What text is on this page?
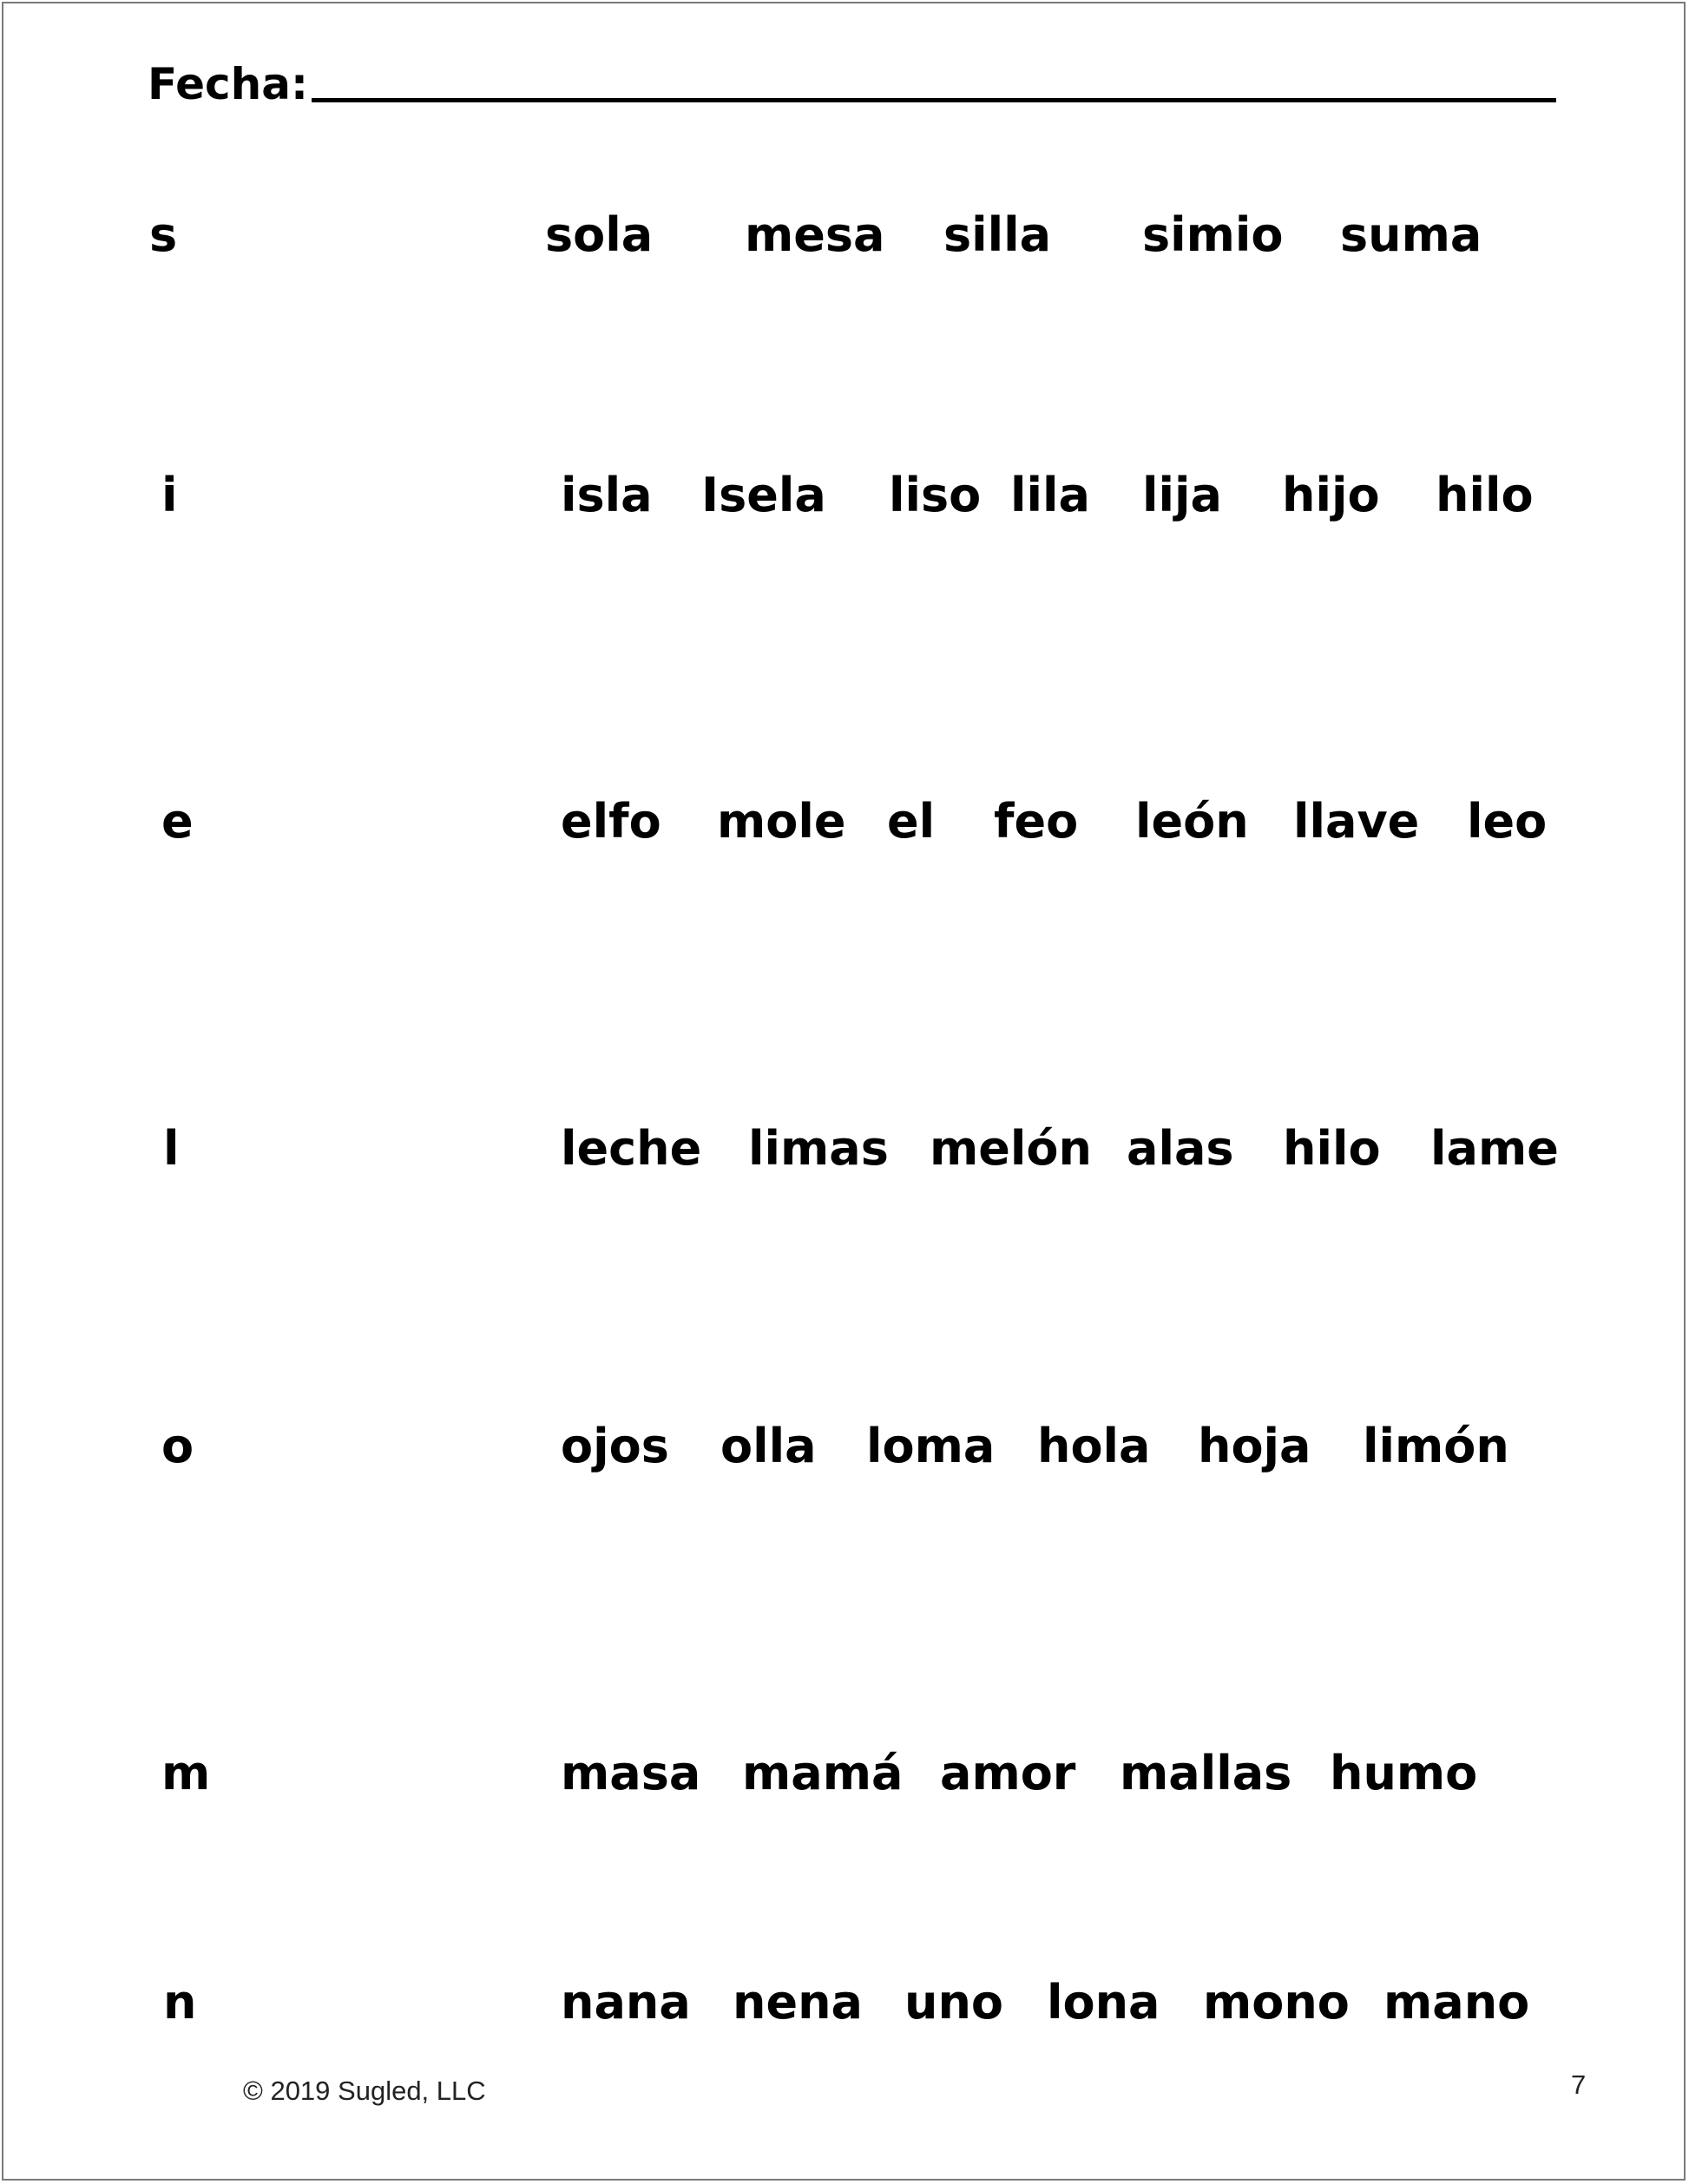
Fecha:
s	sola mesa silla simio suma
i	isla Isela liso lila lija hijo hilo
e	elfo mole el feo león llave leo
l	leche limas melón alas hilo lame
o	ojos olla loma hola hoja limón
m	masa mamá amor mallas humo
n	nana nena uno lona mono mano
© 2019 Sugled, LLC	7
